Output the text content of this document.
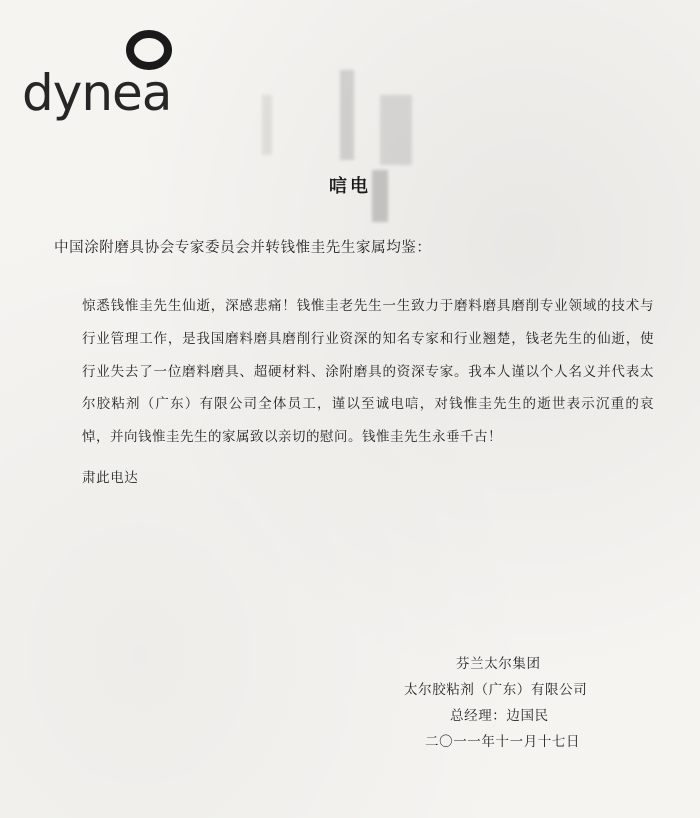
dynea
唁电
中国涂附磨具协会专家委员会并转钱惟圭先生家属均鉴：
惊悉钱惟圭先生仙逝，深感悲痛！钱惟圭老先生一生致力于磨料磨具磨削专业领域的技术与行业管理工作，是我国磨料磨具磨削行业资深的知名专家和行业翘楚，钱老先生的仙逝，使行业失去了一位磨料磨具、超硬材料、涂附磨具的资深专家。我本人谨以个人名义并代表太尔胶粘剂（广东）有限公司全体员工，谨以至诚电唁，对钱惟圭先生的逝世表示沉重的哀悼，并向钱惟圭先生的家属致以亲切的慰问。钱惟圭先生永垂千古！
肃此电达
芬兰太尔集团
太尔胶粘剂（广东）有限公司
总经理：边国民
二〇一一年十一月十七日
